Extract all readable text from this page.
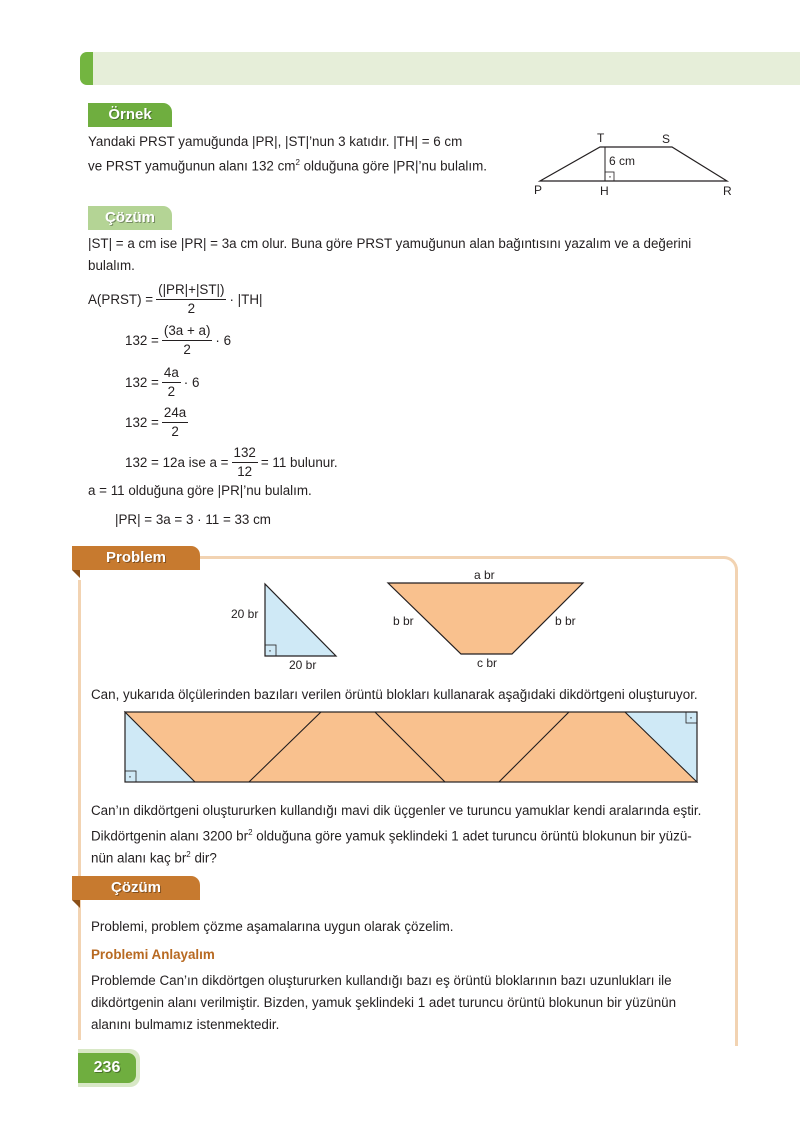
Örnek
Yandaki PRST yamuğunda |PR|, |ST|’nun 3 katıdır. |TH| = 6 cm
ve PRST yamuğunun alanı 132 $cm^2$ olduğuna göre |PR|’nu bulalım.
·
T	S
P	H	R
6 cm
Çözüm
|ST| = a cm ise |PR| = 3a cm olur. Buna göre PRST yamuğunun alan bağıntısını yazalım ve a değerini
bulalım.
A(PRST) = $\frac{(|PR|+|ST|)}{2} \cdot |TH|$
$132 = \frac{(3a + a)}{2} \cdot 6$
$132 = \frac{4a}{2} \cdot 6$
$132 = \frac{24a}{2}$
132 = 12a ise $a = \frac{132}{12} = 11$ bulunur.
a = 11 olduğuna göre |PR|’nu bulalım.
|PR| = 3a = 3 · 11 = 33 cm
Problem
·
20 br
20 br
a br
b br	b br
c br
Can, yukarıda ölçülerinden bazıları verilen örüntü blokları kullanarak aşağıdaki dikdörtgeni oluşturuyor.
·
·
Can’ın dikdörtgeni oluştururken kullandığı mavi dik üçgenler ve turuncu yamuklar kendi aralarında eştir.
Dikdörtgenin alanı 3200 $br^2$ olduğuna göre yamuk şeklindeki 1 adet turuncu örüntü blokunun bir yüzü-
nün alanı kaç $br^2$ dir?
Çözüm
Problemi, problem çözme aşamalarına uygun olarak çözelim.
Problemi Anlayalım
Problemde Can’ın dikdörtgen oluştururken kullandığı bazı eş örüntü bloklarının bazı uzunlukları ile
dikdörtgenin alanı verilmiştir. Bizden, yamuk şeklindeki 1 adet turuncu örüntü blokunun bir yüzünün
alanını bulmamız istenmektedir.
236
